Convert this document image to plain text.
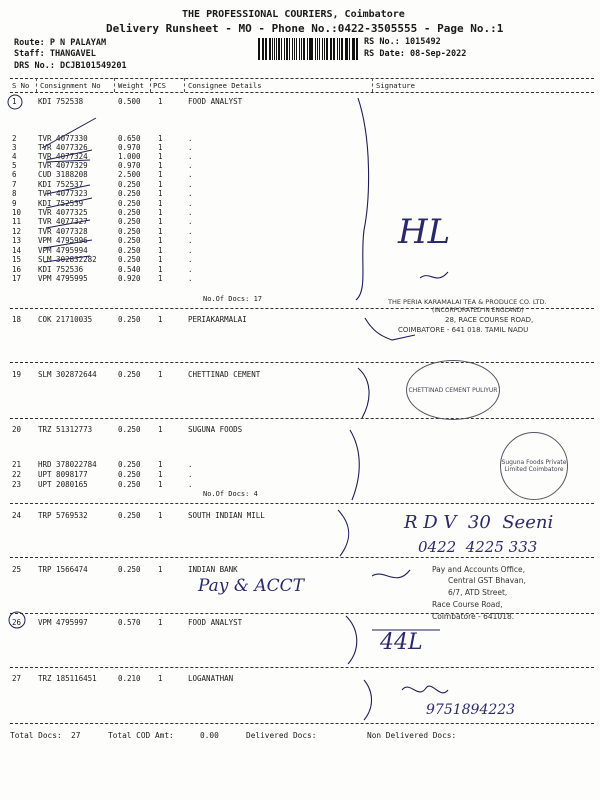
THE PROFESSIONAL COURIERS, Coimbatore
Delivery Runsheet - MO - Phone No.:0422-3505555 - Page No.:1
Route: P N PALAYAM
Staff: THANGAVEL
DRS No.: DCJB101549201
RS No.: 1015492
RS Date: 08-Sep-2022
S No Consignment No Weight PCS	Consignee Details	Signature
1	KDI 752538	0.500 1	FOOD ANALYST
2	TVR 4077330	0.650 1	.
3	TVR 4077326	0.970 1	.
4	TVR 4077324	1.000 1	.
5	TVR 4077329	0.970 1	.
6	CUD 3188208	2.500 1	.
7	KDI 752537	0.250 1	.
8	TVR 4077323	0.250 1	.
9	KDI 752539	0.250 1	.
10 TVR 4077325	0.250 1	.
11 TVR 4077327	0.250 1	.
12 TVR 4077328	0.250 1	.
13 VPM 4795996	0.250 1	.
14 VPM 4795994	0.250 1	.
15 SLM 302832282	0.250 1	.
16 KDI 752536	0.540 1	.
17 VPM 4795995	0.920 1	.
18 COK 21710035	0.250 1	PERIAKARMALAI
19 SLM 302872644	0.250 1	CHETTINAD CEMENT
20 TRZ 51312773	0.250 1	SUGUNA FOODS
21 HRD 378022784	0.250 1	.
22 UPT 8098177	0.250 1	.
23 UPT 2080165	0.250 1	.
24 TRP 5769532	0.250 1	SOUTH INDIAN MILL
25 TRP 1566474	0.250 1	INDIAN BANK
26 VPM 4795997	0.570 1	FOOD ANALYST
27 TRZ 185116451	0.210 1	LOGANATHAN
No.Of Docs: 17
No.Of Docs: 4
THE PERIA KARAMALAI TEA & PRODUCE CO. LTD.
(INCORPORATED IN ENGLAND)
28, RACE COURSE ROAD,
COIMBATORE - 641 018. TAMIL NADU
CHETTINAD CEMENT PULIYUR
Suguna Foods Private Limited Coimbatore
Pay and Accounts Office,
Central GST Bhavan,
6/7, ATD Street,
Race Course Road,
Coimbatore - 641018.
HL
R D V  30  Seeni
0422  4225 333
Pay & ACCT
44L
9751894223
Total Docs:  27	Total COD Amt:	0.00	Delivered Docs:	Non Delivered Docs:
